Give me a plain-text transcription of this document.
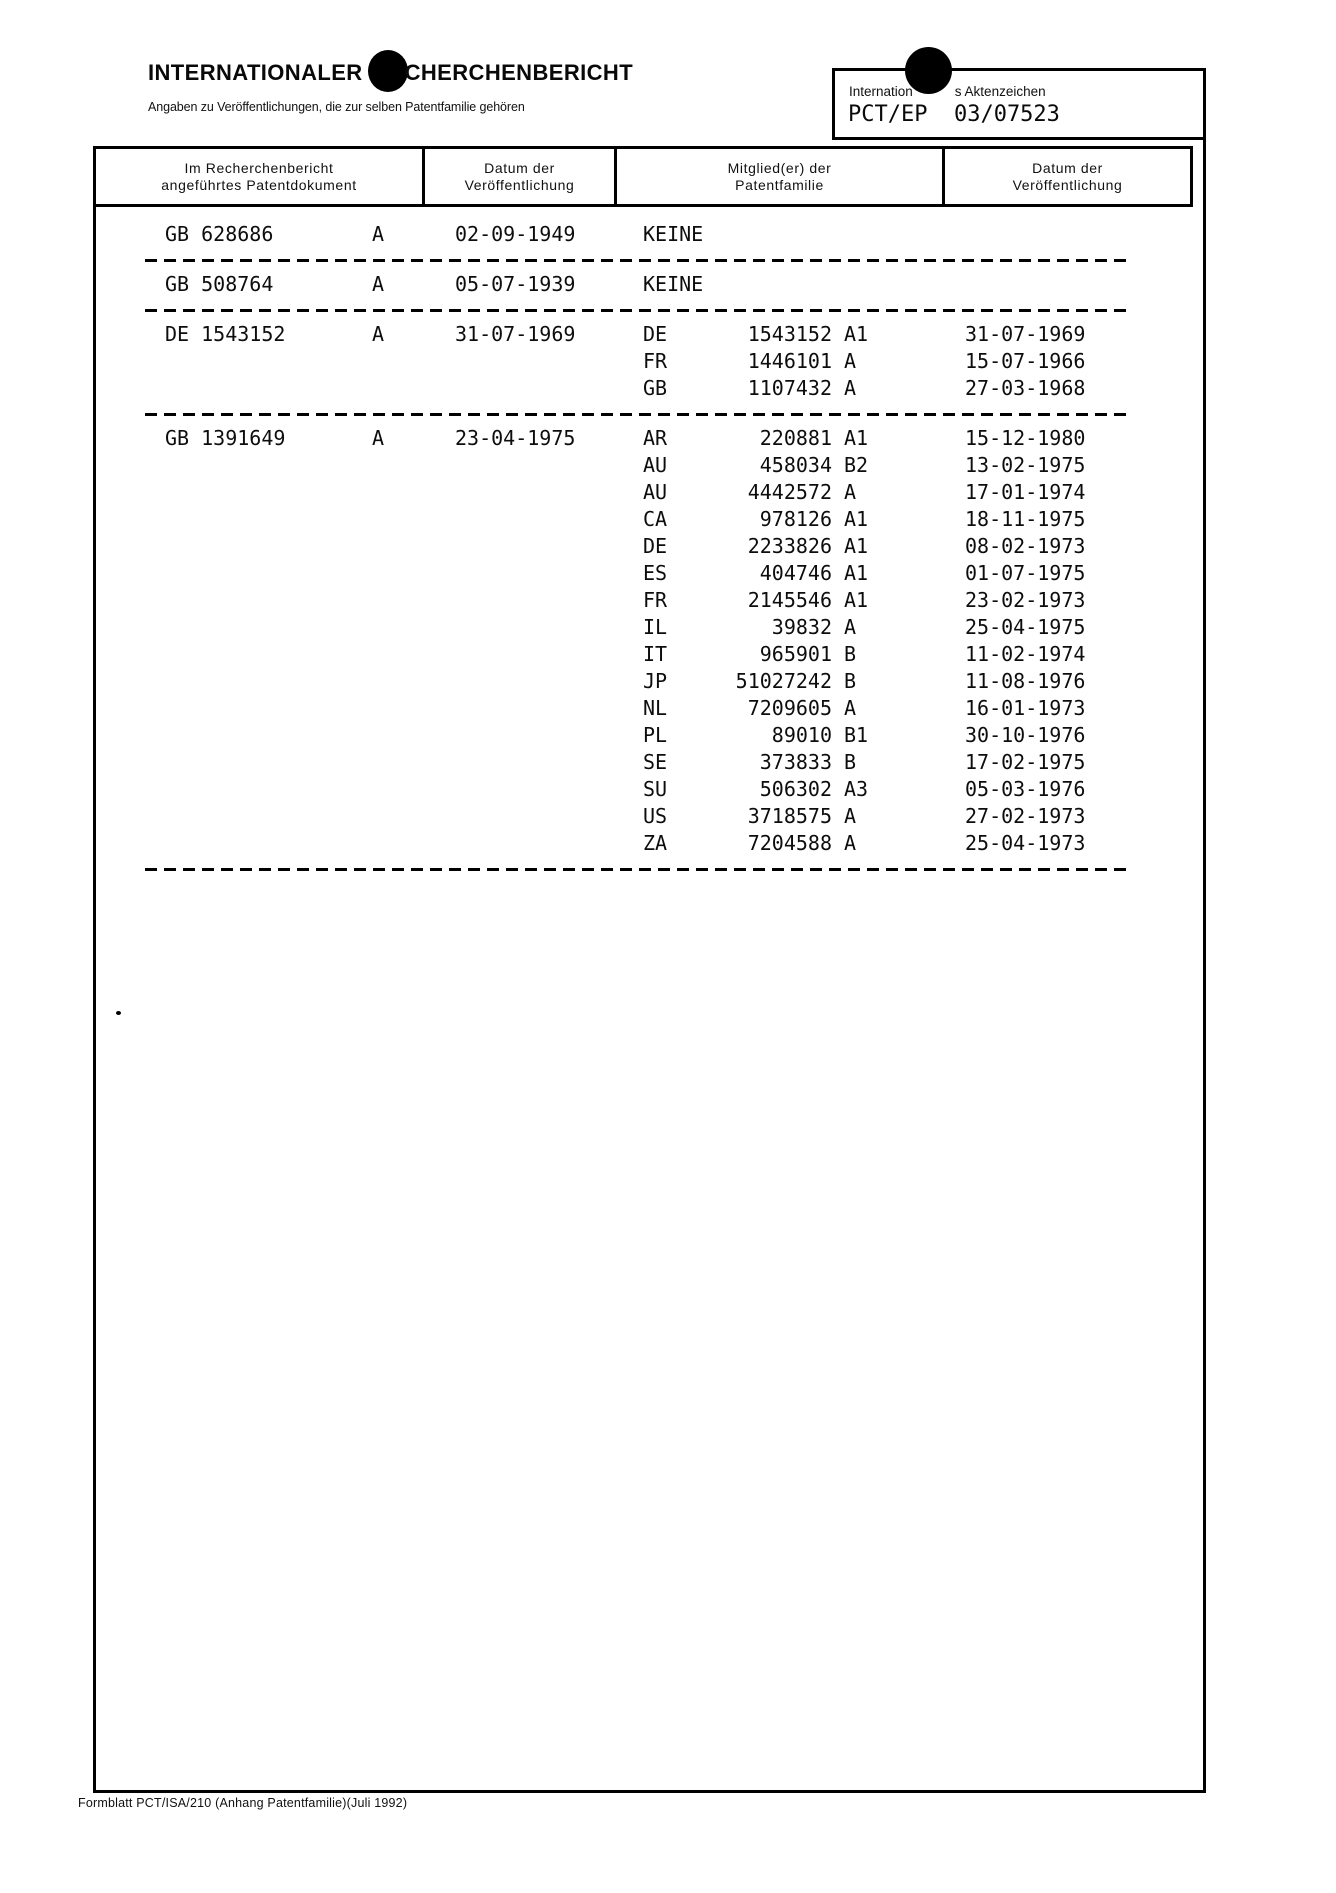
INTERNATIONALER CHERCHENBERICHT
Angaben zu Veröffentlichungen, die zur selben Patentfamilie gehören
Internation	s Aktenzeichen
PCT/EP  03/07523
Im Recherchenbericht
angeführtes Patentdokument
Datum der
Veröffentlichung
Mitglied(er) der
Patentfamilie
Datum der
Veröffentlichung
GB 628686	A	02-09-1949	KEINE
GB 508764	A	05-07-1939	KEINE
DE 1543152	A	31-07-1969	DE	1543152 A1	31-07-1969
FR	1446101 A	15-07-1966
GB	1107432 A	27-03-1968
GB 1391649	A	23-04-1975	AR	220881 A1	15-12-1980
AU	458034 B2	13-02-1975
AU	4442572 A	17-01-1974
CA	978126 A1	18-11-1975
DE	2233826 A1	08-02-1973
ES	404746 A1	01-07-1975
FR	2145546 A1	23-02-1973
IL	39832 A	25-04-1975
IT	965901 B	11-02-1974
JP	51027242 B	11-08-1976
NL	7209605 A	16-01-1973
PL	89010 B1	30-10-1976
SE	373833 B	17-02-1975
SU	506302 A3	05-03-1976
US	3718575 A	27-02-1973
ZA	7204588 A	25-04-1973
Formblatt PCT/ISA/210 (Anhang Patentfamilie)(Juli 1992)
